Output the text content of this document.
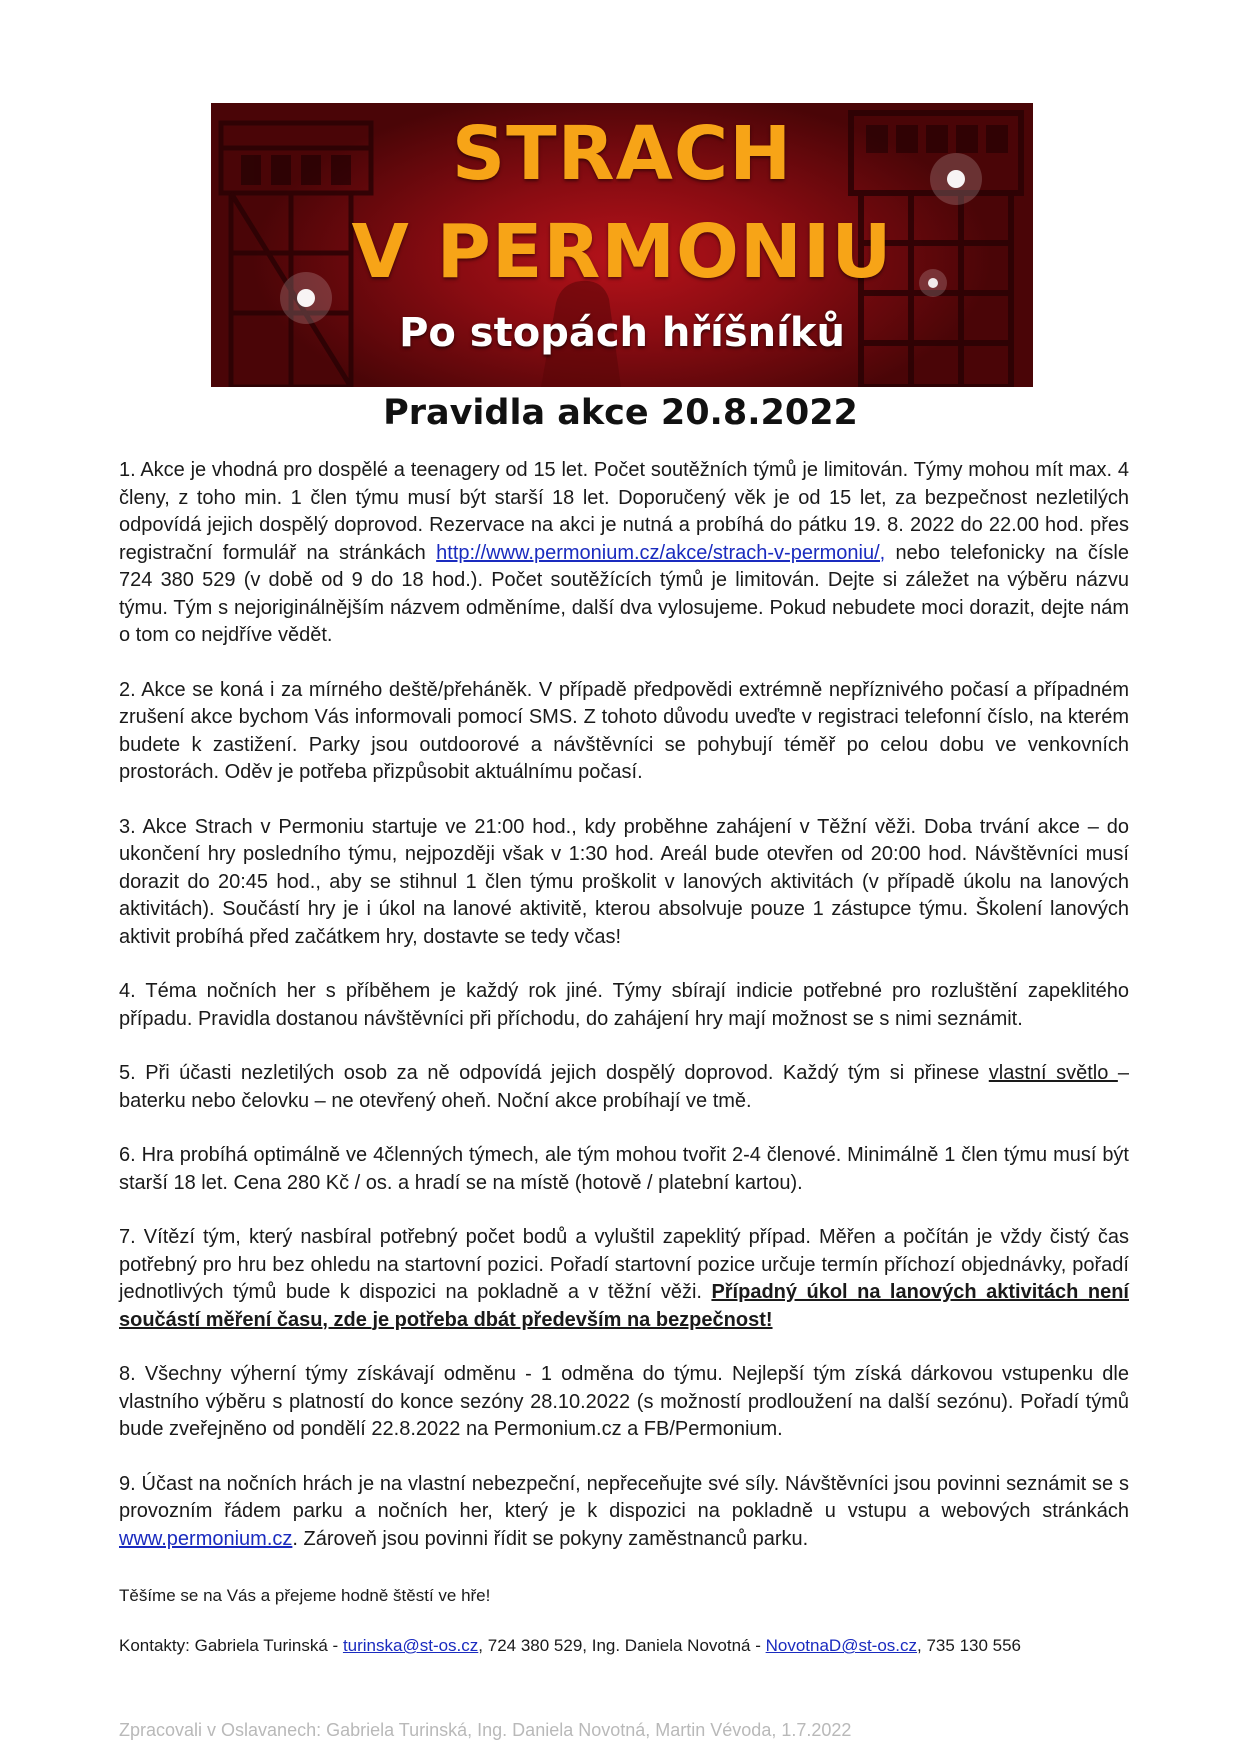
STRACH
V PERMONIU
Po stopách hříšníků
Pravidla akce 20.8.2022

1. Akce je vhodná pro dospělé a teenagery od 15 let. Počet soutěžních týmů je limitován. Týmy mohou mít max. 4 členy, z toho min. 1 člen týmu musí být starší 18 let. Doporučený věk je od 15 let, za bezpečnost nezletilých odpovídá jejich dospělý doprovod. Rezervace na akci je nutná a probíhá do pátku 19. 8. 2022 do 22.00 hod. přes registrační formulář na stránkách http://www.permonium.cz/akce/strach-v-permoniu/, nebo telefonicky na čísle 724 380 529 (v době od 9 do 18 hod.). Počet soutěžících týmů je limitován. Dejte si záležet na výběru názvu týmu. Tým s nejoriginálnějším názvem odměníme, další dva vylosujeme. Pokud nebudete moci dorazit, dejte nám o tom co nejdříve vědět.

2. Akce se koná i za mírného deště/přeháněk. V případě předpovědi extrémně nepříznivého počasí a případném zrušení akce bychom Vás informovali pomocí SMS. Z tohoto důvodu uveďte v registraci telefonní číslo, na kterém budete k zastižení. Parky jsou outdoorové a návštěvníci se pohybují téměř po celou dobu ve venkovních prostorách. Oděv je potřeba přizpůsobit aktuálnímu počasí.

3. Akce Strach v Permoniu startuje ve 21:00 hod., kdy proběhne zahájení v Těžní věži. Doba trvání akce – do ukončení hry posledního týmu, nejpozději však v 1:30 hod. Areál bude otevřen od 20:00 hod. Návštěvníci musí dorazit do 20:45 hod., aby se stihnul 1 člen týmu proškolit v lanových aktivitách (v případě úkolu na lanových aktivitách). Součástí hry je i úkol na lanové aktivitě, kterou absolvuje pouze 1 zástupce týmu. Školení lanových aktivit probíhá před začátkem hry, dostavte se tedy včas!

4. Téma nočních her s příběhem je každý rok jiné. Týmy sbírají indicie potřebné pro rozluštění zapeklitého případu. Pravidla dostanou návštěvníci při příchodu, do zahájení hry mají možnost se s nimi seznámit.

5. Při účasti nezletilých osob za ně odpovídá jejich dospělý doprovod. Každý tým si přinese vlastní světlo – baterku nebo čelovku – ne otevřený oheň. Noční akce probíhají ve tmě.

6. Hra probíhá optimálně ve 4členných týmech, ale tým mohou tvořit 2-4 členové. Minimálně 1 člen týmu musí být starší 18 let. Cena 280 Kč / os. a hradí se na místě (hotově / platební kartou).

7. Vítězí tým, který nasbíral potřebný počet bodů a vyluštil zapeklitý případ. Měřen a počítán je vždy čistý čas potřebný pro hru bez ohledu na startovní pozici. Pořadí startovní pozice určuje termín příchozí objednávky, pořadí jednotlivých týmů bude k dispozici na pokladně a v těžní věži. Případný úkol na lanových aktivitách není součástí měření času, zde je potřeba dbát především na bezpečnost!

8. Všechny výherní týmy získávají odměnu - 1 odměna do týmu. Nejlepší tým získá dárkovou vstupenku dle vlastního výběru s platností do konce sezóny 28.10.2022 (s možností prodloužení na další sezónu). Pořadí týmů bude zveřejněno od pondělí 22.8.2022 na Permonium.cz a FB/Permonium.

9. Účast na nočních hrách je na vlastní nebezpeční, nepřeceňujte své síly. Návštěvníci jsou povinni seznámit se s provozním řádem parku a nočních her, který je k dispozici na pokladně u vstupu a webových stránkách www.permonium.cz. Zároveň jsou povinni řídit se pokyny zaměstnanců parku.

Těšíme se na Vás a přejeme hodně štěstí ve hře!
Kontakty: Gabriela Turinská - turinska@st-os.cz, 724 380 529, Ing. Daniela Novotná - NovotnaD@st-os.cz, 735 130 556
Zpracovali v Oslavanech: Gabriela Turinská, Ing. Daniela Novotná, Martin Vévoda, 1.7.2022
